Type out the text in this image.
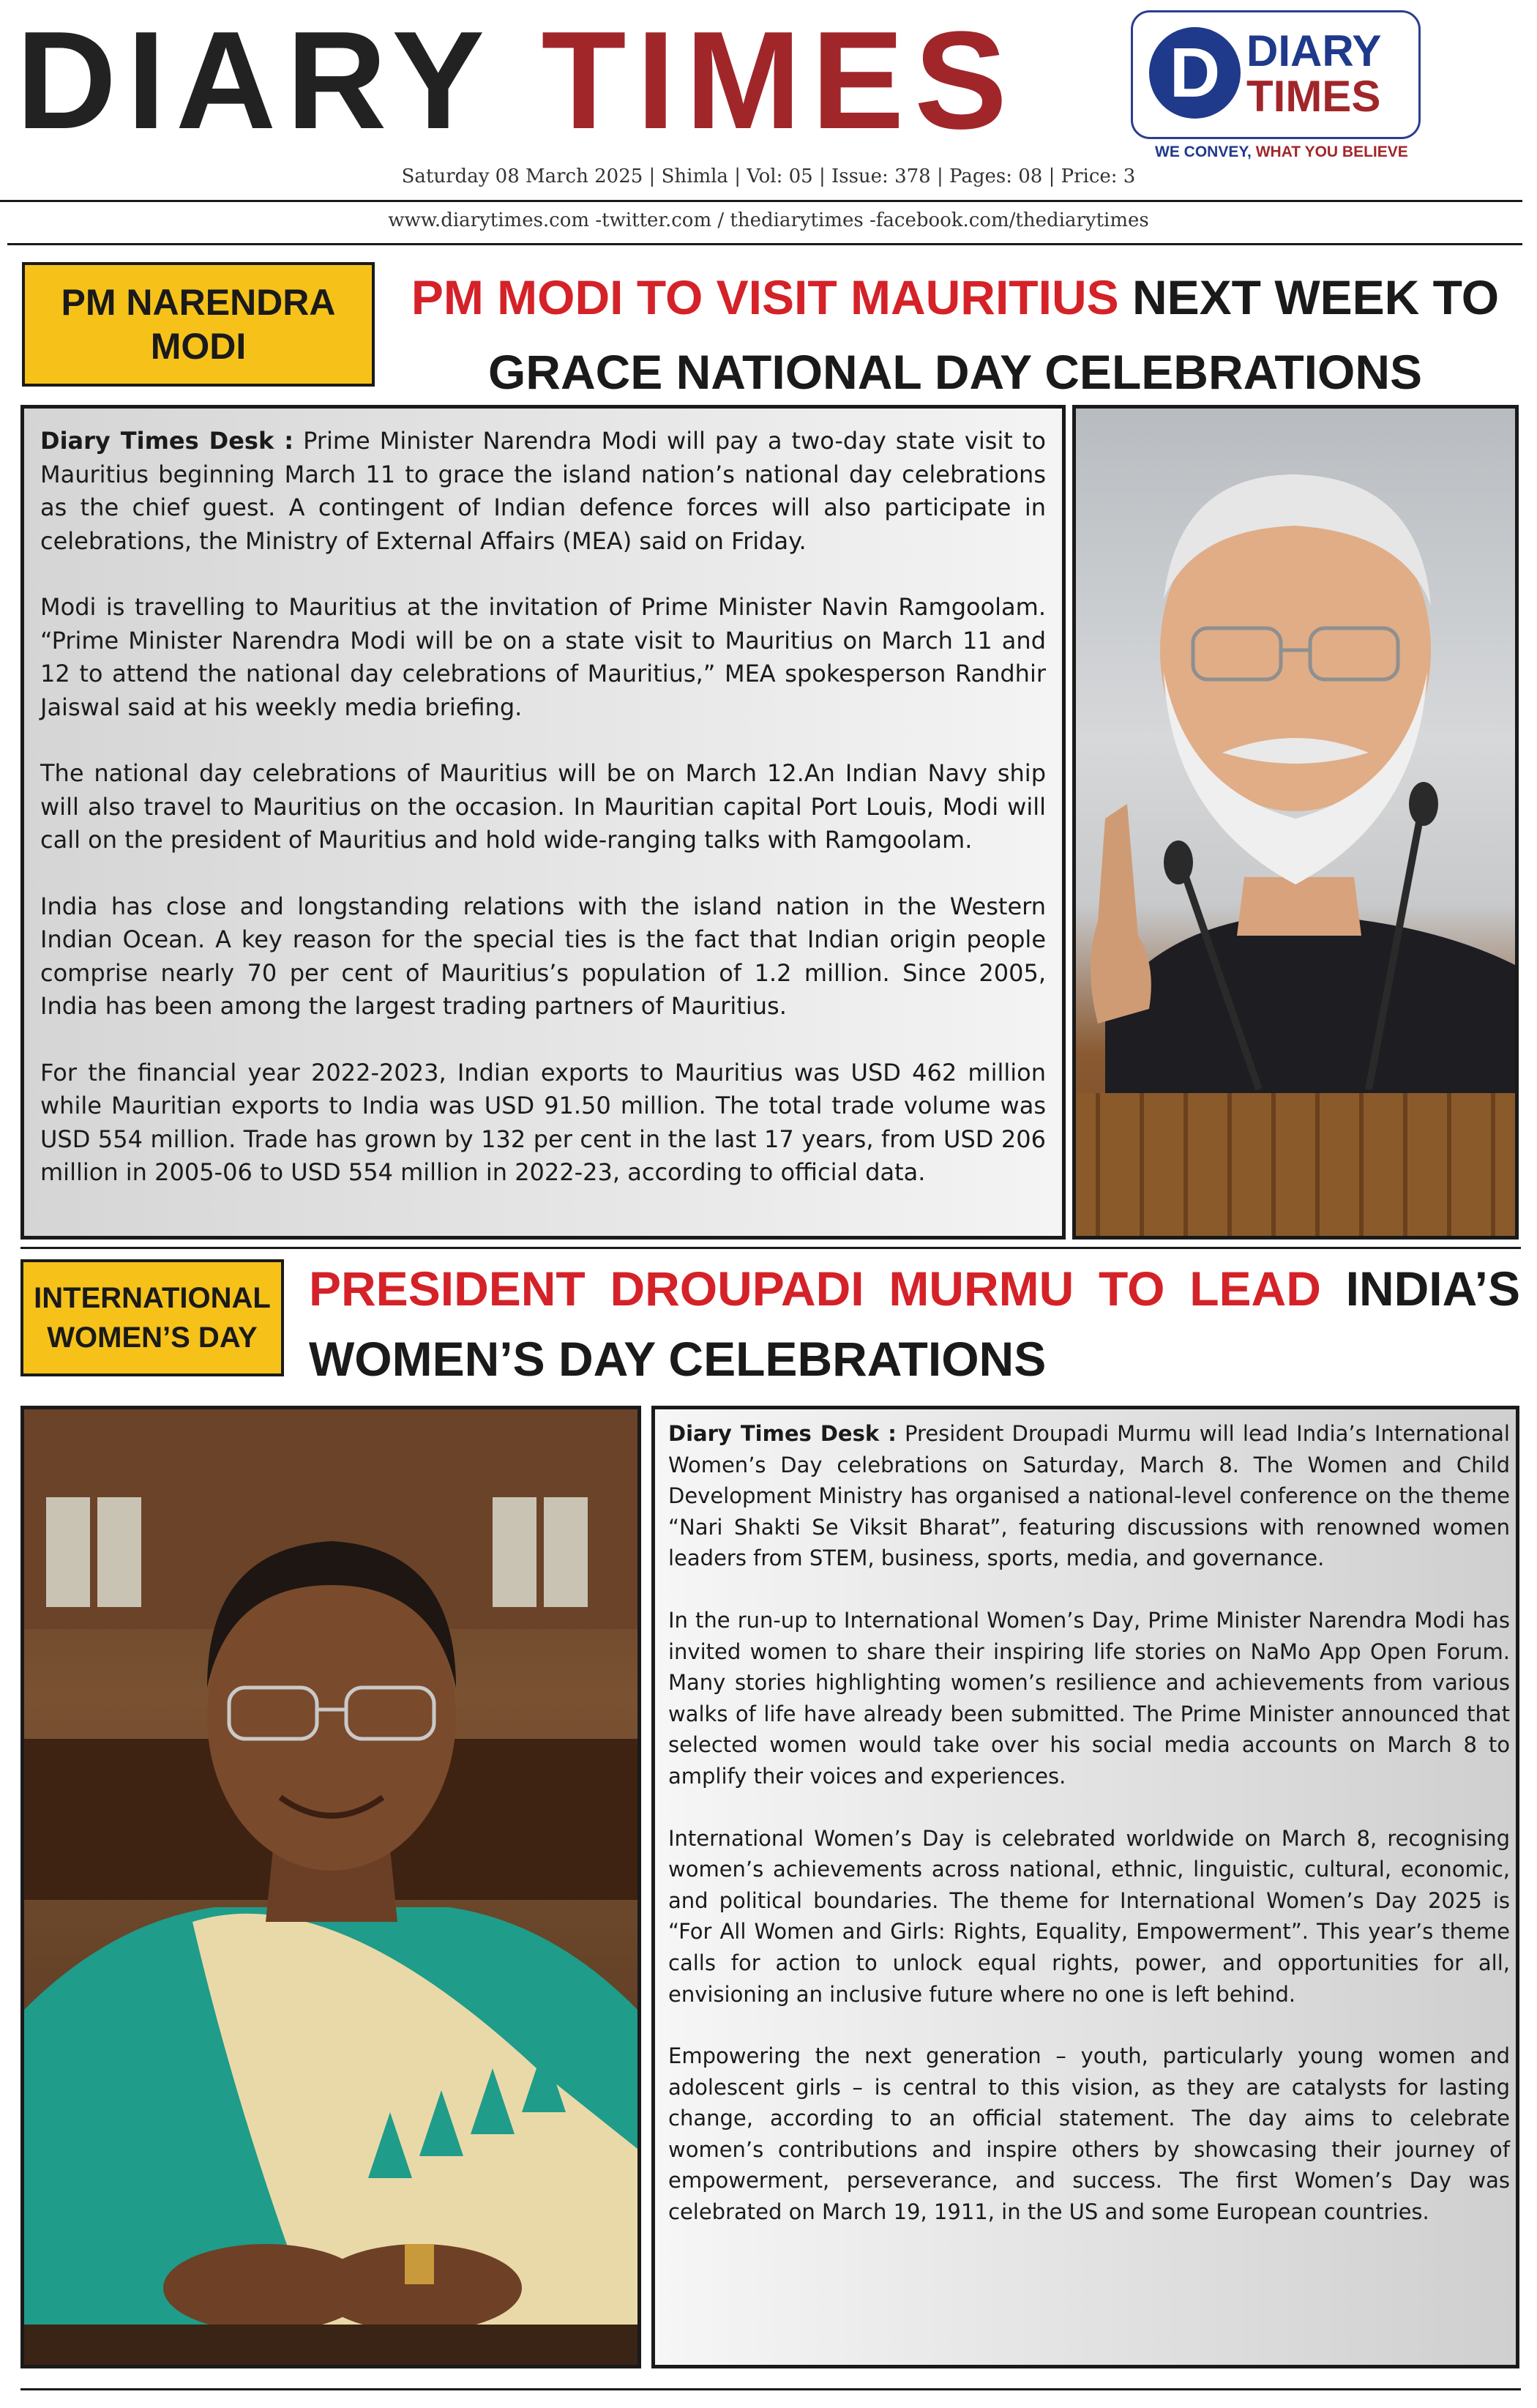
DIARY TIMES D DIARY
TIMES
WE CONVEY, WHAT YOU BELIEVE
Saturday 08 March 2025 | Shimla | Vol: 05 | Issue: 378 | Pages: 08 | Price: 3
www.diarytimes.com -twitter.com / thediarytimes -facebook.com/thediarytimes
PM NARENDRA MODI
PM MODI TO VISIT MAURITIUS NEXT WEEK TO GRACE NATIONAL DAY CELEBRATIONS

Diary Times Desk : Prime Minister Narendra Modi will pay a two-day state visit to Mauritius beginning March 11 to grace the island nation’s national day celebrations as the chief guest. A contingent of Indian defence forces will also participate in celebrations, the Ministry of External Affairs (MEA) said on Friday.

Modi is travelling to Mauritius at the invitation of Prime Minister Navin Ramgoolam. “Prime Minister Narendra Modi will be on a state visit to Mauritius on March 11 and 12 to attend the national day celebrations of Mauritius,” MEA spokesperson Randhir Jaiswal said at his weekly media briefing.

The national day celebrations of Mauritius will be on March 12.An Indian Navy ship will also travel to Mauritius on the occasion. In Mauritian capital Port Louis, Modi will call on the president of Mauritius and hold wide-ranging talks with Ramgoolam.

India has close and longstanding relations with the island nation in the Western Indian Ocean. A key reason for the special ties is the fact that Indian origin people comprise nearly 70 per cent of Mauritius’s population of 1.2 million. Since 2005, India has been among the largest trading partners of Mauritius.

For the financial year 2022-2023, Indian exports to Mauritius was USD 462 million while Mauritian exports to India was USD 91.50 million. The total trade volume was USD 554 million. Trade has grown by 132 per cent in the last 17 years, from USD 206 million in 2005-06 to USD 554 million in 2022-23, according to official data.

INTERNATIONAL WOMEN’S DAY
PRESIDENT DROUPADI MURMU TO LEAD INDIA’S WOMEN’S DAY CELEBRATIONS

Diary Times Desk : President Droupadi Murmu will lead India’s International Women’s Day celebrations on Saturday, March 8. The Women and Child Development Ministry has organised a national-level conference on the theme “Nari Shakti Se Viksit Bharat”, featuring discussions with renowned women leaders from STEM, business, sports, media, and governance.

In the run-up to International Women’s Day, Prime Minister Narendra Modi has invited women to share their inspiring life stories on NaMo App Open Forum. Many stories highlighting women’s resilience and achievements from various walks of life have already been submitted. The Prime Minister announced that selected women would take over his social media accounts on March 8 to amplify their voices and experiences.

International Women’s Day is celebrated worldwide on March 8, recognising women’s achievements across national, ethnic, linguistic, cultural, economic, and political boundaries. The theme for International Women’s Day 2025 is “For All Women and Girls: Rights, Equality, Empowerment”. This year’s theme calls for action to unlock equal rights, power, and opportunities for all, envisioning an inclusive future where no one is left behind.

Empowering the next generation – youth, particularly young women and adolescent girls – is central to this vision, as they are catalysts for lasting change, according to an official statement. The day aims to celebrate women’s contributions and inspire others by showcasing their journey of empowerment, perseverance, and success. The first Women’s Day was celebrated on March 19, 1911, in the US and some European countries.
